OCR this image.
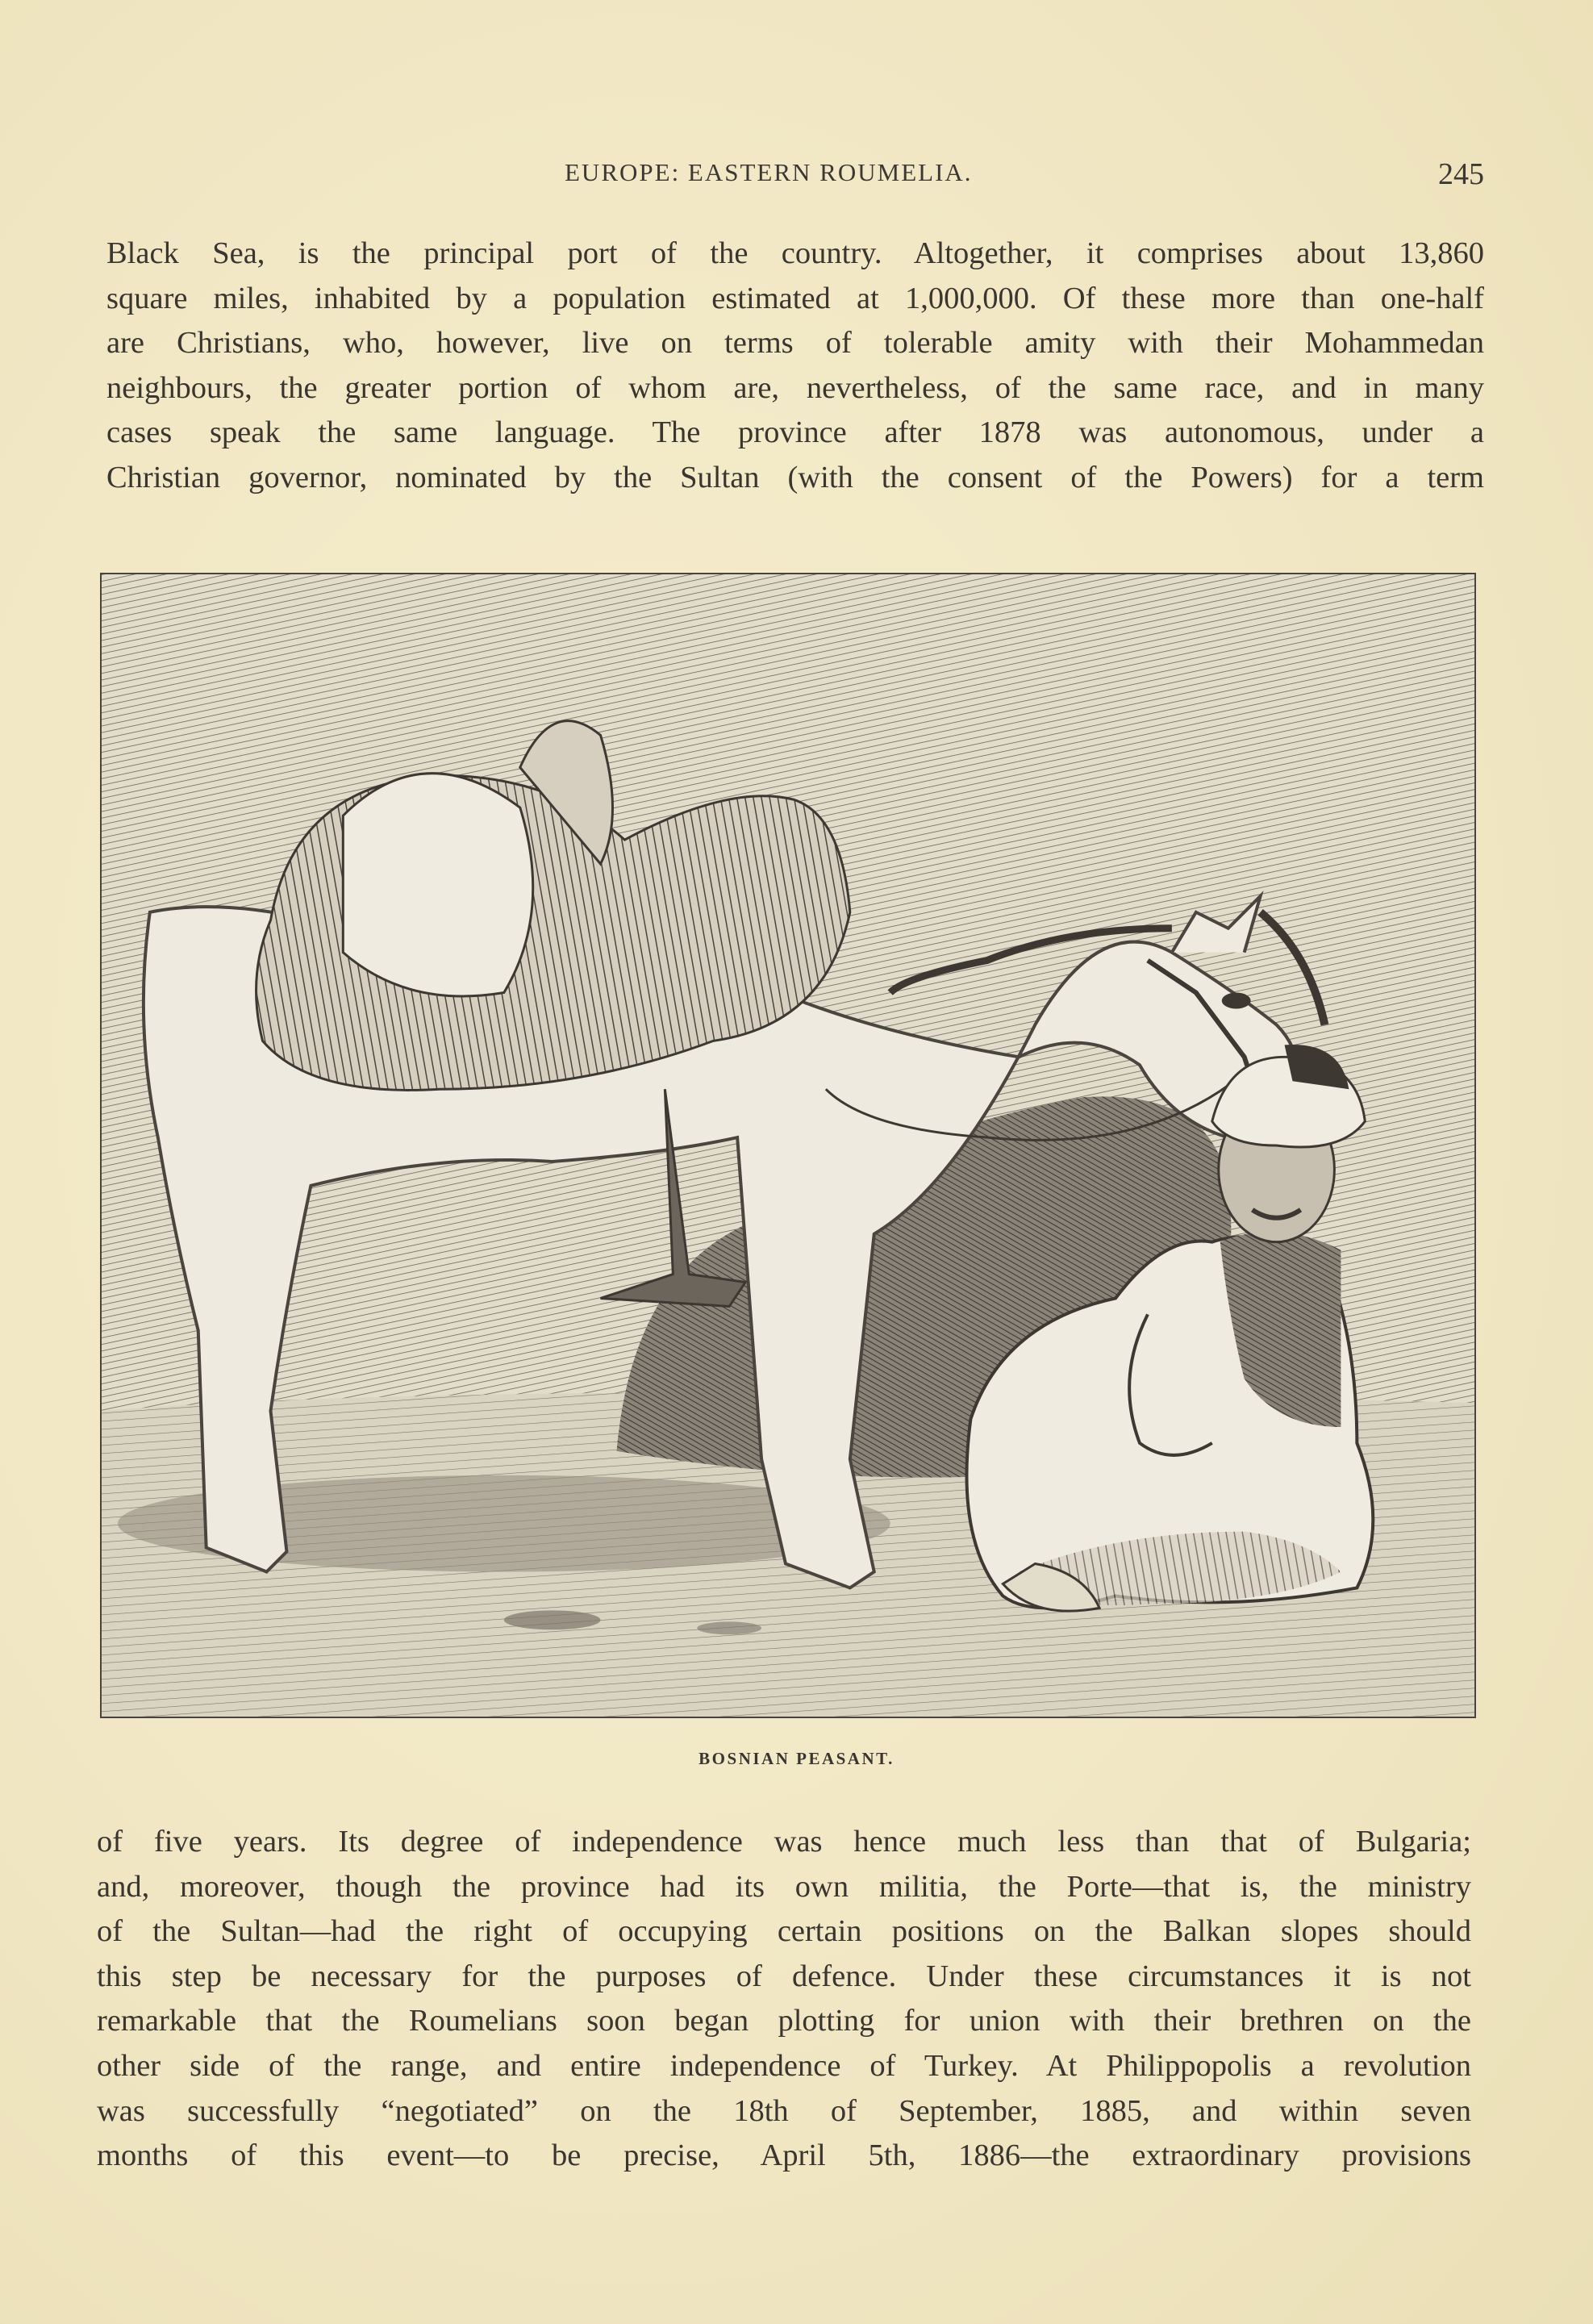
EUROPE: EASTERN ROUMELIA.	245
Black Sea, is the principal port of the country. Altogether, it comprises about 13,860
square miles, inhabited by a population estimated at 1,000,000. Of these more than one-half
are Christians, who, however, live on terms of tolerable amity with their Mohammedan
neighbours, the greater portion of whom are, nevertheless, of the same race, and in many
cases speak the same language. The province after 1878 was autonomous, under a
Christian governor, nominated by the Sultan (with the consent of the Powers) for a term
BOSNIAN PEASANT.
of five years. Its degree of independence was hence much less than that of Bulgaria;
and, moreover, though the province had its own militia, the Porte—that is, the ministry
of the Sultan—had the right of occupying certain positions on the Balkan slopes should
this step be necessary for the purposes of defence. Under these circumstances it is not
remarkable that the Roumelians soon began plotting for union with their brethren on the
other side of the range, and entire independence of Turkey. At Philippopolis a revolution
was successfully “negotiated” on the 18th of September, 1885, and within seven
months of this event—to be precise, April 5th, 1886—the extraordinary provisions
